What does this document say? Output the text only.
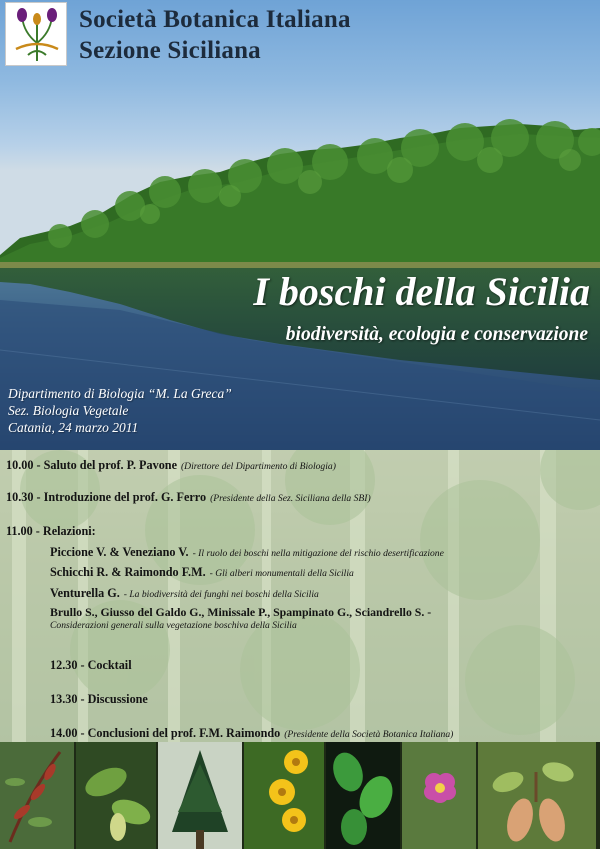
Società Botanica Italiana
Sezione Siciliana
I boschi della Sicilia
biodiversità, ecologia e conservazione
Dipartimento di Biologia “M. La Greca”
Sez. Biologia Vegetale
Catania, 24 marzo 2011
10.00 - Saluto del prof. P. Pavone (Direttore del Dipartimento di Biologia)
10.30 - Introduzione del prof. G. Ferro (Presidente della Sez. Siciliana della SBI)
11.00 - Relazioni:
Piccione V. & Veneziano V. - Il ruolo dei boschi nella mitigazione del rischio desertificazione
Schicchi R. & Raimondo F.M. - Gli alberi monumentali della Sicilia
Venturella G. - La biodiversità dei funghi nei boschi della Sicilia
Brullo S., Giusso del Galdo G., Minissale P., Spampinato G., Sciandrello S. -
Considerazioni generali sulla vegetazione boschiva della Sicilia
12.30 - Cocktail
13.30 - Discussione
14.00 - Conclusioni del prof. F.M. Raimondo (Presidente della Società Botanica Italiana)
